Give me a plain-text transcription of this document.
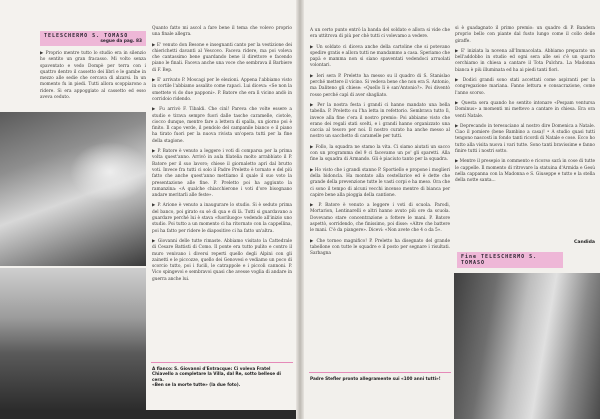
TELESCHERMO S. TOMASO
segue da pag. 83

▶ Proprio mentre tutto lo studio era in silenzio ho sentito un gran fracasso. Mi volto senza spaventato e vedo Dompè per terra con i quattro dentro il cassetto dei libri e le gambe in mezzo alle sedie che cercava di alzarsi. In un momento fu in piedi. Tutti allora scoppiarono a ridere. Si era appoggiato al cassetto ed esso aveva ceduto.

Quanto fatto mi ascol a fare bene il tema che volevo proprio una finale allegra.

▶ E' venuto don Besone e insegnanti canto per la vestizione dei chierichetti davanti al Vescovo. Faceva ridere, ma poi voleva che cantassimo bene guardando bene il direttore e facendo piano le finali. Faceva anche una voce che sembrava il Barbiere di F. Bep.

▶ E' arrivato P. Moscagi per le elezioni. Appena l'abbiamo visto in cortile l'abbiamo assalito come rapaci. Lui diceva: «Se non la smettete vi do due papponi». P. Batore che era lì vicino andò in corridoio ridendo.

▶ Fu arrivò F. Tibaldi. Che cinì! Pareva che volte essere a studio e tirava sempre fuori dalle tasche caramelle, ciotole, ciocco dunque, mentre fare a lettera di spalla, un giorno poi è finito. Il capo verde, il pendolo del campanile bianco e il piano ha tirato fuori per la nuova rivista un'opera tutti per la fine della stagione.

▶ P. Batore è venuto a leggere i voti di comparsa per la prima volta quest'anno. Arrivò in aula filatelia molto arrabbiato il P. Batore per il suo lavoro; chiese il giornaletto aprì dal brutto voti. Invece fra tutti ci solo il Padre Preletto è tornato e del più fatto che anche quest'anno mettiamo il quale il suo voto la presentazione alle fine. P. Preletto poi ha aggiunto la ramanzina: «A qualche chiacchierone i voti d'ore bisognano andare meritarli alle feste».

▶ P. Arione è venuto a inaugurare lo studio. Si è seduto prima del banco, poi girato su sé di qua e di là. Tutti si guardavano a guardare perché lui è stava «fuoriluogo» vedendo all'inizio uno studio. Poi tutto a un momento ci ha ritornato con la cappellina, poi ha fatto per ridere le diapositive ci ha fatto un'altra.

▶ Giovanni delle tutte rimaste. Abbiamo visitato la Cattedrale di Cesare Battisti di Como. Il ponte era tutto pulito e contro il muro venivano i diversi reperti quello degli Alpini con gli zainetti e le piccozze, quello dei Genovesi e vediamo un poco di scorcio tutto, poi i fucili, le catrappole e i piccoli cannoni. P. Vico spingevoi e sembravoi quasi che avesse voglia di andare in guerra anche lui.

A fianco: S. Giovanni d'Entracque: Ci voleva Fratel Chiavello a completare la Villa, dal Re, sotto bellese di cera.
«Ben se la morte tutte» (la due foto).

A un certo punto entrò la banda del soldato e allora si vide che era uttitrova di più per chè tutti ci volevamo a vedere.

▶ Un soldato ci diceva anche della cartoline che si potevano spedire gratis e allora tutti ne mandammo a casa. Speriamo che papà e mamma non si siano spaventati vedendoci arruolati volontari.

▶ Ieri sera P. Preletto ha messo su il quadro di S. Stanislao perché mettere il vicino. Si vedeva bene che non era S. Antonio, ma Daliteno gli chiese: «Quello lì è san'Antonio?». Poi diventò rosso perché capì di aver sbagliato.

▶ Per la nostra festa i grandi ci hanno mandato una bella tabella. P. Preletto su l'ha letta in refettorio. Sembrava tutto lì, invece alla fine c'era il nostro premio: Poi abbiamo visto che erano dei regali stati scelti, e i grandi hanno organizzato una caccia al tesoro per noi. Il nostro curato ha anche messo al nostro un sacchetto di caramelle per tutti.

▶ Follo, la squadra ne stamo la vita. Ci siamo aiutati un sacco con un programma del 9 ci facevamo un po' gli sparetti. Alla fine la squadra di Armando. Gli è piaciuto tanto per la squadra.

▶ Ho visto che i grandi stanno P. Sportiello e propone i moglieri della bidoncla. Ha montato alla cestellarice ed è dette che grande della prevenzione tutte le vasti corpi e ha meso. Ora che ci sono il tempo di alcuni vecchi incenso mentre di bianca per capire bene alla pioggia della cantione.

▶ P. Batore è venuto a leggere i voti di scuola. Parodi, Mortarion, Lentinarelli e altri hanno avuto più ore da scuola. Dovevamo stare concentrazione a fottere le mani. P. Batore aspettò, sorridendo, che finissimo, poi disse: «Altre che battere le mani. C'è da piangere». Dicevi: «Non avete che 4 o da 5».

▶ Che torneo magnifico! P. Preletto ha disegnato del grande tabellone con tutte le squadre e il posto per segnare i risultati. Sarbagna

Padre Stefler pronto allegramente sui «100 anni tutti»!

si è guadagnato il primo premio: un quadro di P. Bandera proprio bello con piante dal fusto lungo come il collo delle giraffe.

▶ E' iniziata la novena all'Immacolata. Abbiamo preparato un bell'addobbo in studio ed ogni sera alle sei c'è un quarto cerchiamo in chiesa a cantare il Tota Pulchra. La Madonna bianca è più illuminata ed ha ai piedi tanti fiori.

▶ Dodici grandi sono stati accettati come aspiranti per la congregazione mariana. Fanno lettura e consacrazione, come l'anno scorso.

▶ Questa sera quando ho sentito intonare «Pespam ventursa Dominus» a momenti mi mettevo a cantare in chiesa. Era ora venti Natale.

▶ Deprecando in teresuciano al nostro dire Domenica a Natale. Ciao il pomiere (bene Bambino a casa)! • A studio quasi tutti tengono nascosti in fondo tanti ricordi di Natale e cose. Ecco ho tutto alla visita nuova i vari tutte. Sono tanti bravissime e fanno finire tutti i nostri sotto.

▶ Mentre il presepio in commento e ricorso sarà in cose di tutte le cappelle. Il momento di ritrovare la statuina d'Armida e Gesù nella cappanna con la Madonna e S. Giuseppe e tutto e la stella della notte santa...

Candida
Fine TELESCHERMO S. TOMASO
